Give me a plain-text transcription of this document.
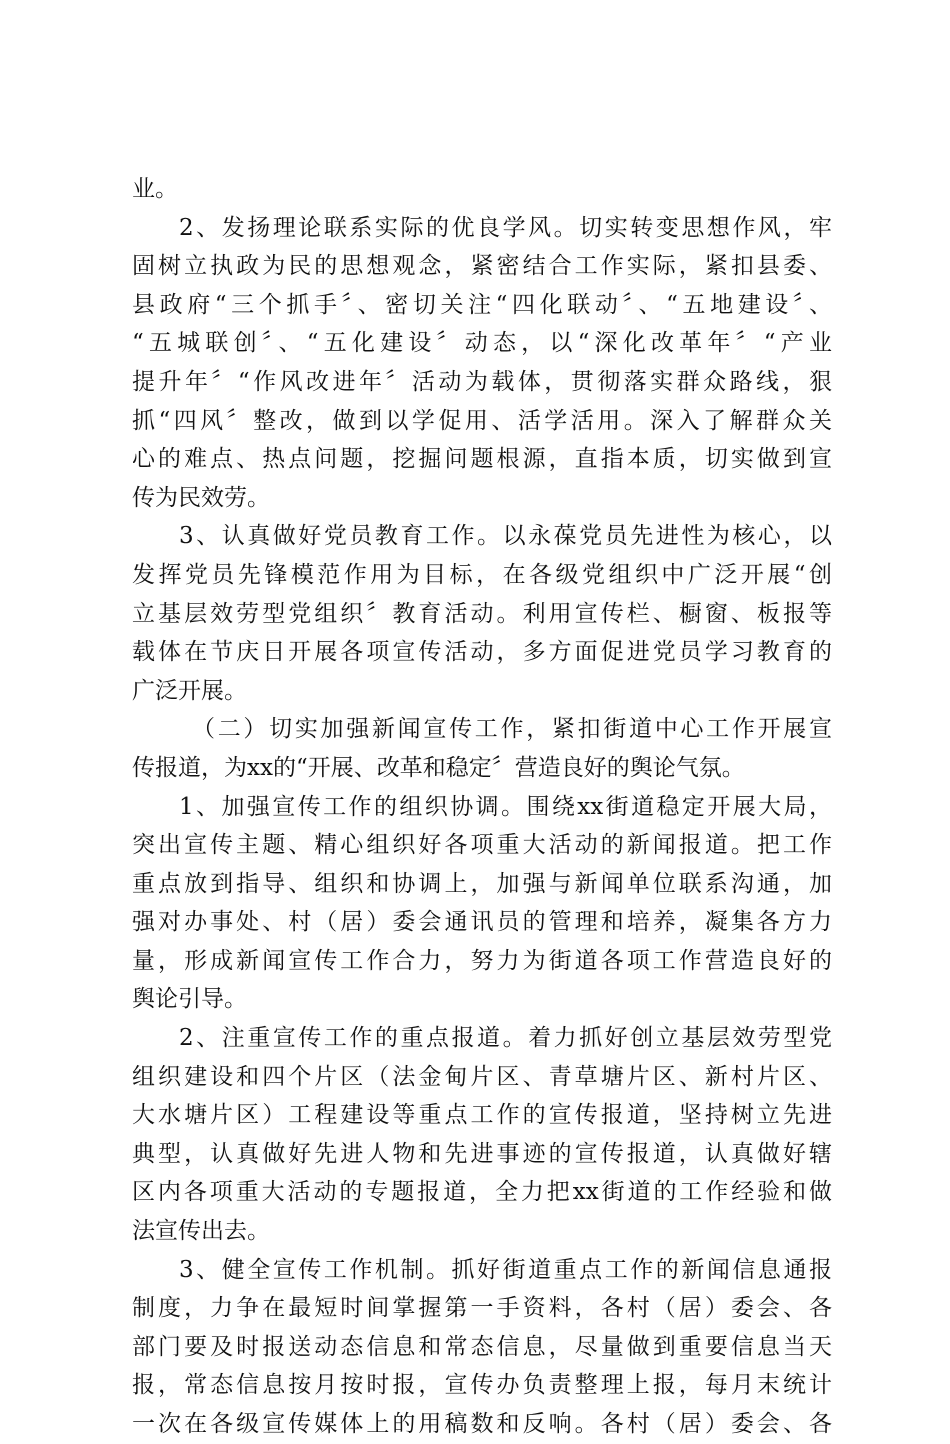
业。
2、发扬理论联系实际的优良学风。切实转变思想作风，牢
固树立执政为民的思想观念，紧密结合工作实际，紧扣县委、
县政府“三个抓手〞、密切关注“四化联动〞、“五地建设〞、
“五城联创〞、“五化建设〞动态，以“深化改革年〞“产业
提升年〞“作风改进年〞活动为载体，贯彻落实群众路线，狠
抓“四风〞整改，做到以学促用、活学活用。深入了解群众关
心的难点、热点问题，挖掘问题根源，直指本质，切实做到宣
传为民效劳。
3、认真做好党员教育工作。以永葆党员先进性为核心，以
发挥党员先锋模范作用为目标，在各级党组织中广泛开展“创
立基层效劳型党组织〞教育活动。利用宣传栏、橱窗、板报等
载体在节庆日开展各项宣传活动，多方面促进党员学习教育的
广泛开展。
（二）切实加强新闻宣传工作，紧扣街道中心工作开展宣
传报道，为xx的“开展、改革和稳定〞营造良好的舆论气氛。
1、加强宣传工作的组织协调。围绕xx街道稳定开展大局，
突出宣传主题、精心组织好各项重大活动的新闻报道。把工作
重点放到指导、组织和协调上，加强与新闻单位联系沟通，加
强对办事处、村（居）委会通讯员的管理和培养，凝集各方力
量，形成新闻宣传工作合力，努力为街道各项工作营造良好的
舆论引导。
2、注重宣传工作的重点报道。着力抓好创立基层效劳型党
组织建设和四个片区（法金甸片区、青草塘片区、新村片区、
大水塘片区）工程建设等重点工作的宣传报道，坚持树立先进
典型，认真做好先进人物和先进事迹的宣传报道，认真做好辖
区内各项重大活动的专题报道，全力把xx街道的工作经验和做
法宣传出去。
3、健全宣传工作机制。抓好街道重点工作的新闻信息通报
制度，力争在最短时间掌握第一手资料，各村（居）委会、各
部门要及时报送动态信息和常态信息，尽量做到重要信息当天
报，常态信息按月按时报，宣传办负责整理上报，每月末统计
一次在各级宣传媒体上的用稿数和反响。各村（居）委会、各
